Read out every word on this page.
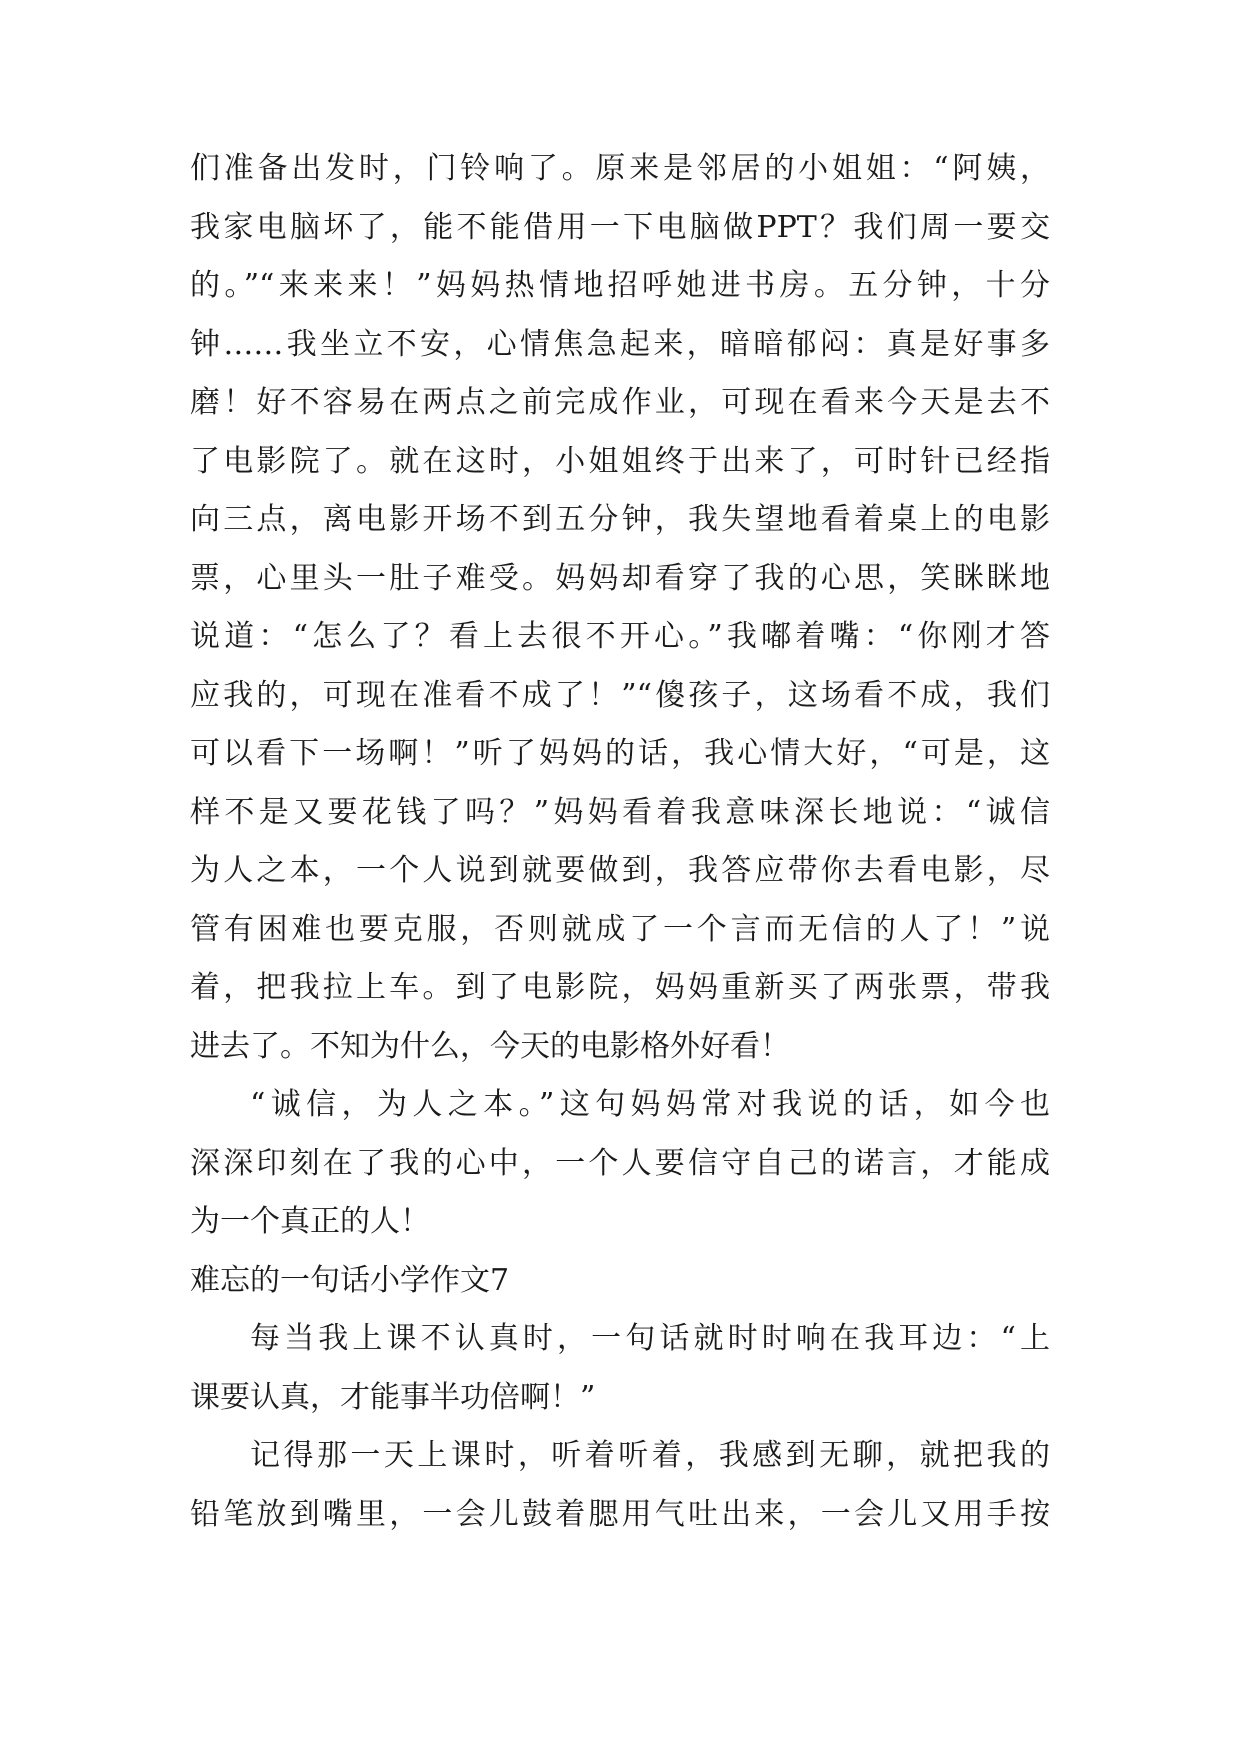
们准备出发时，门铃响了。原来是邻居的小姐姐：“阿姨，
我家电脑坏了，能不能借用一下电脑做PPT？我们周一要交
的。”“来来来！”妈妈热情地招呼她进书房。五分钟，十分
钟……我坐立不安，心情焦急起来，暗暗郁闷：真是好事多
磨！好不容易在两点之前完成作业，可现在看来今天是去不
了电影院了。就在这时，小姐姐终于出来了，可时针已经指
向三点，离电影开场不到五分钟，我失望地看着桌上的电影
票，心里头一肚子难受。妈妈却看穿了我的心思，笑眯眯地
说道：“怎么了？看上去很不开心。”我嘟着嘴：“你刚才答
应我的，可现在准看不成了！”“傻孩子，这场看不成，我们
可以看下一场啊！”听了妈妈的话，我心情大好，“可是，这
样不是又要花钱了吗？”妈妈看着我意味深长地说：“诚信
为人之本，一个人说到就要做到，我答应带你去看电影，尽
管有困难也要克服，否则就成了一个言而无信的人了！”说
着，把我拉上车。到了电影院，妈妈重新买了两张票，带我
进去了。不知为什么，今天的电影格外好看！
“诚信，为人之本。”这句妈妈常对我说的话，如今也
深深印刻在了我的心中，一个人要信守自己的诺言，才能成
为一个真正的人！
难忘的一句话小学作文7
每当我上课不认真时，一句话就时时响在我耳边：“上
课要认真，才能事半功倍啊！”
记得那一天上课时，听着听着，我感到无聊，就把我的
铅笔放到嘴里，一会儿鼓着腮用气吐出来，一会儿又用手按
